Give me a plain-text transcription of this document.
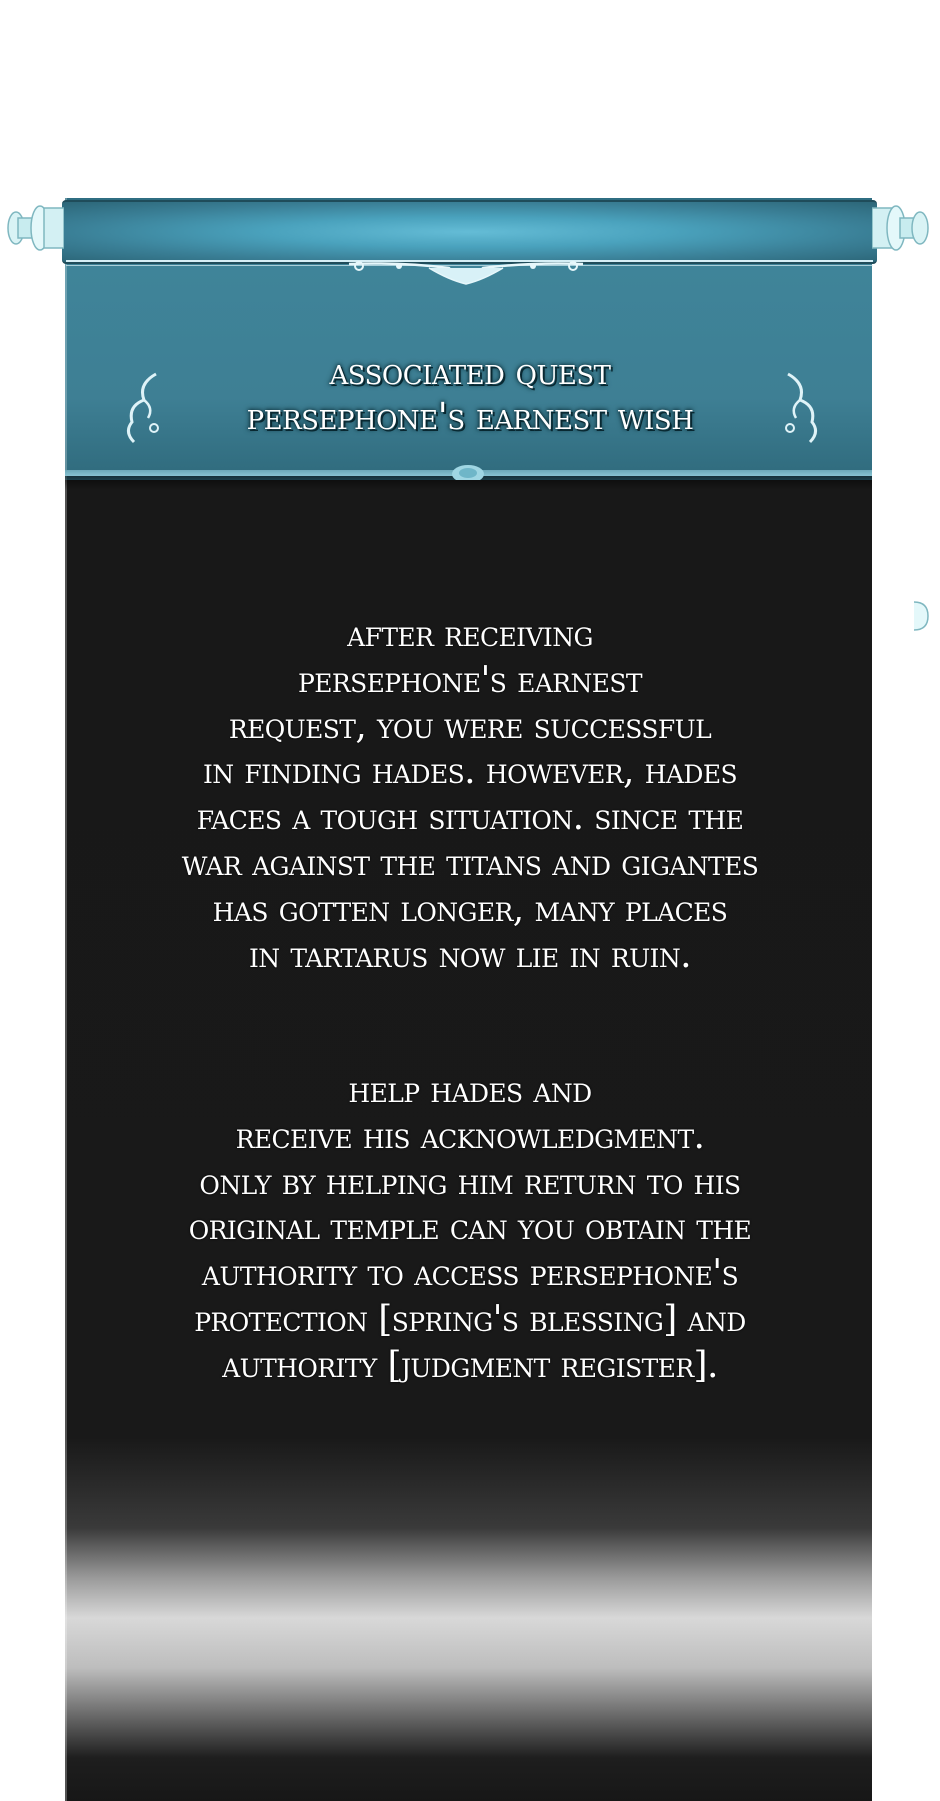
associated quest
persephone's earnest wish
after receiving
persephone's earnest
request, you were successful
in finding hades. however, hades
faces a tough situation. since the
war against the titans and gigantes
has gotten longer, many places
in tartarus now lie in ruin.
help hades and
receive his acknowledgment.
only by helping him return to his
original temple can you obtain the
authority to access persephone's
protection [spring's blessing] and
authority [judgment register].
